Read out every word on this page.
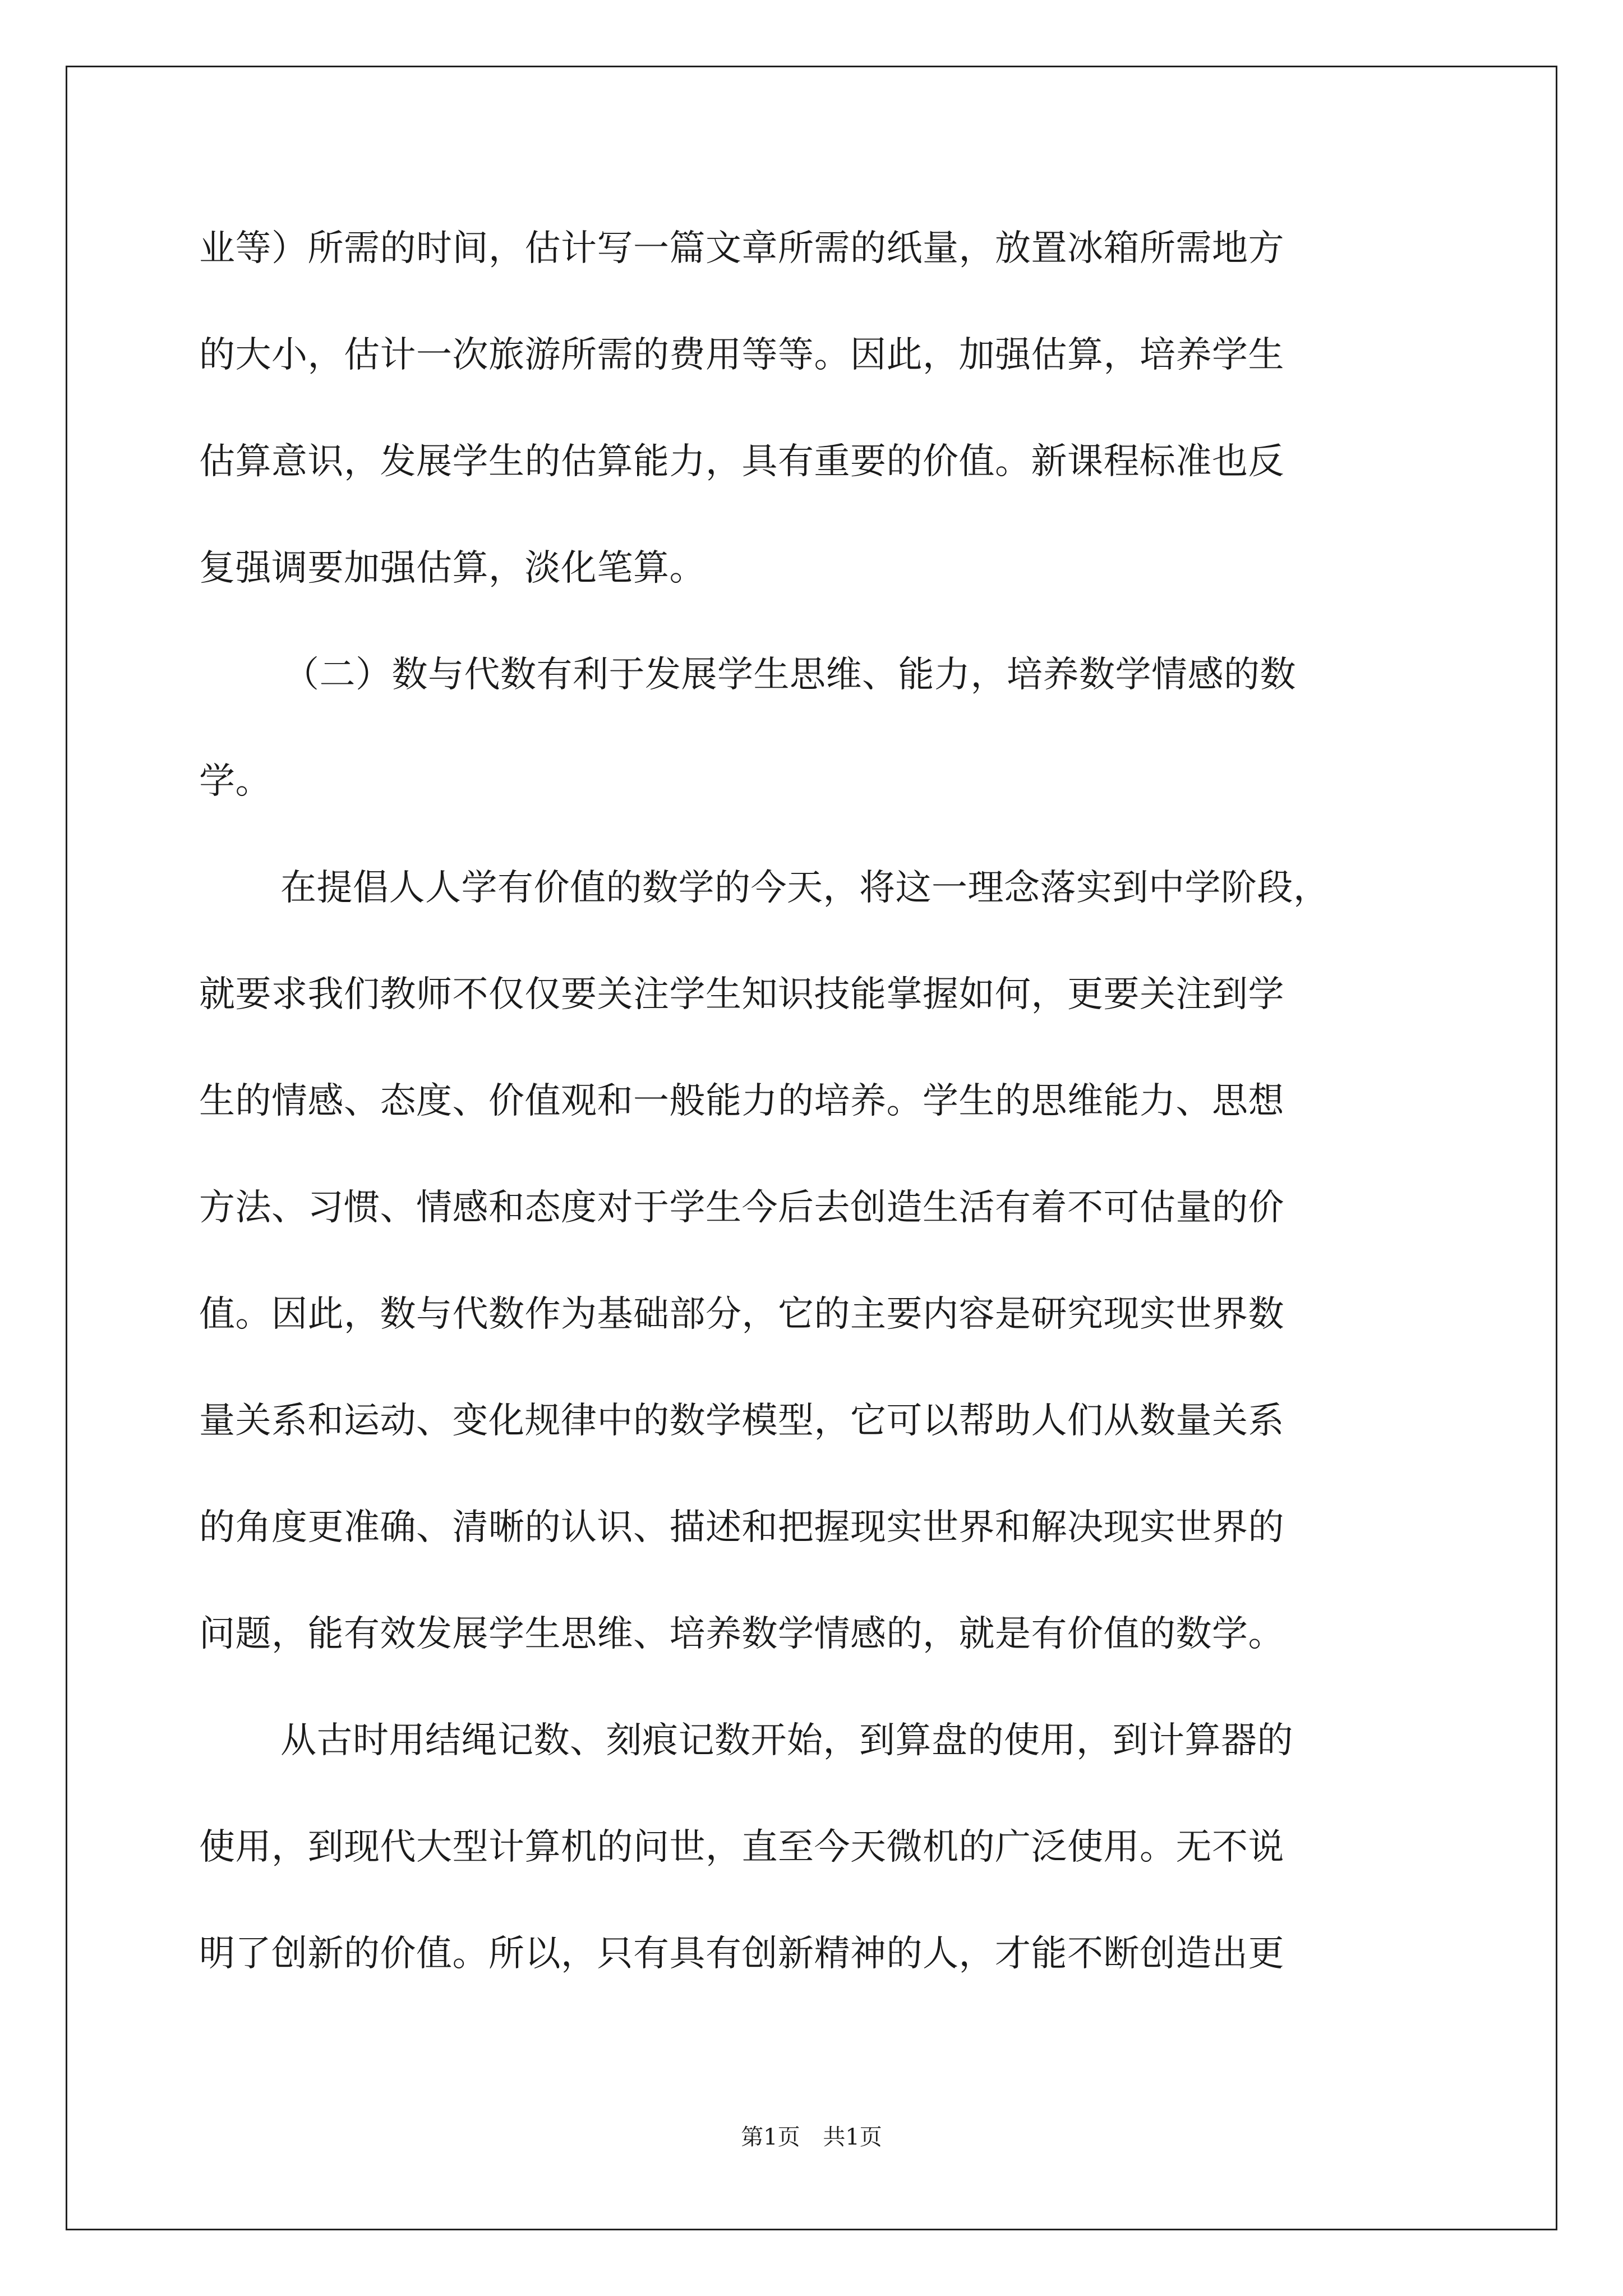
业等）所需的时间，估计写一篇文章所需的纸量，放置冰箱所需地方
的大小，估计一次旅游所需的费用等等。因此，加强估算，培养学生
估算意识，发展学生的估算能力，具有重要的价值。新课程标准也反
复强调要加强估算，淡化笔算。
（二）数与代数有利于发展学生思维、能力，培养数学情感的数
学。
在提倡人人学有价值的数学的今天，将这一理念落实到中学阶段，
就要求我们教师不仅仅要关注学生知识技能掌握如何，更要关注到学
生的情感、态度、价值观和一般能力的培养。学生的思维能力、思想
方法、习惯、情感和态度对于学生今后去创造生活有着不可估量的价
值。因此，数与代数作为基础部分，它的主要内容是研究现实世界数
量关系和运动、变化规律中的数学模型，它可以帮助人们从数量关系
的角度更准确、清晰的认识、描述和把握现实世界和解决现实世界的
问题，能有效发展学生思维、培养数学情感的，就是有价值的数学。
从古时用结绳记数、刻痕记数开始，到算盘的使用，到计算器的
使用，到现代大型计算机的问世，直至今天微机的广泛使用。无不说
明了创新的价值。所以，只有具有创新精神的人，才能不断创造出更
第1页 共1页
